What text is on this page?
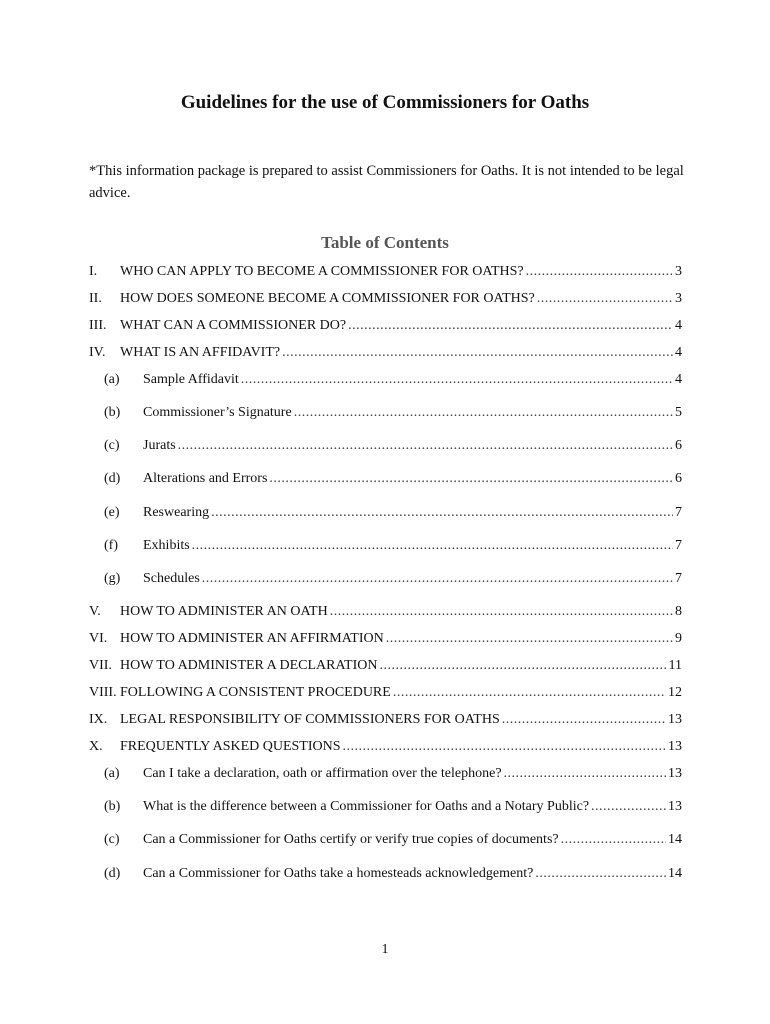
Guidelines for the use of Commissioners for Oaths
*This information package is prepared to assist Commissioners for Oaths. It is not intended to be legal advice.
Table of Contents
I.	WHO CAN APPLY TO BECOME A COMMISSIONER FOR OATHS? .....	3
II.	HOW DOES SOMEONE BECOME A COMMISSIONER FOR OATHS? .....	3
III. WHAT CAN A COMMISSIONER DO? .....	4
IV.	WHAT IS AN AFFIDAVIT? .....	4
(a)	Sample Affidavit .....	4
(b)	Commissioner’s Signature .....	5
(c)	Jurats .....	6
(d)	Alterations and Errors .....	6
(e)	Reswearing .....	7
(f)	Exhibits .....	7
(g)	Schedules .....	7
V.	HOW TO ADMINISTER AN OATH .....	8
VI. HOW TO ADMINISTER AN AFFIRMATION .....	9
VII. HOW TO ADMINISTER A DECLARATION .....	11
VIII. FOLLOWING A CONSISTENT PROCEDURE .....	12
IX. LEGAL RESPONSIBILITY OF COMMISSIONERS FOR OATHS .....	13
X.	FREQUENTLY ASKED QUESTIONS .....	13
(a)	Can I take a declaration, oath or affirmation over the telephone? .....	13
(b)	What is the difference between a Commissioner for Oaths and a Notary Public? .....	13
(c)	Can a Commissioner for Oaths certify or verify true copies of documents? .....	14
(d)	Can a Commissioner for Oaths take a homesteads acknowledgement? .....	14
1
